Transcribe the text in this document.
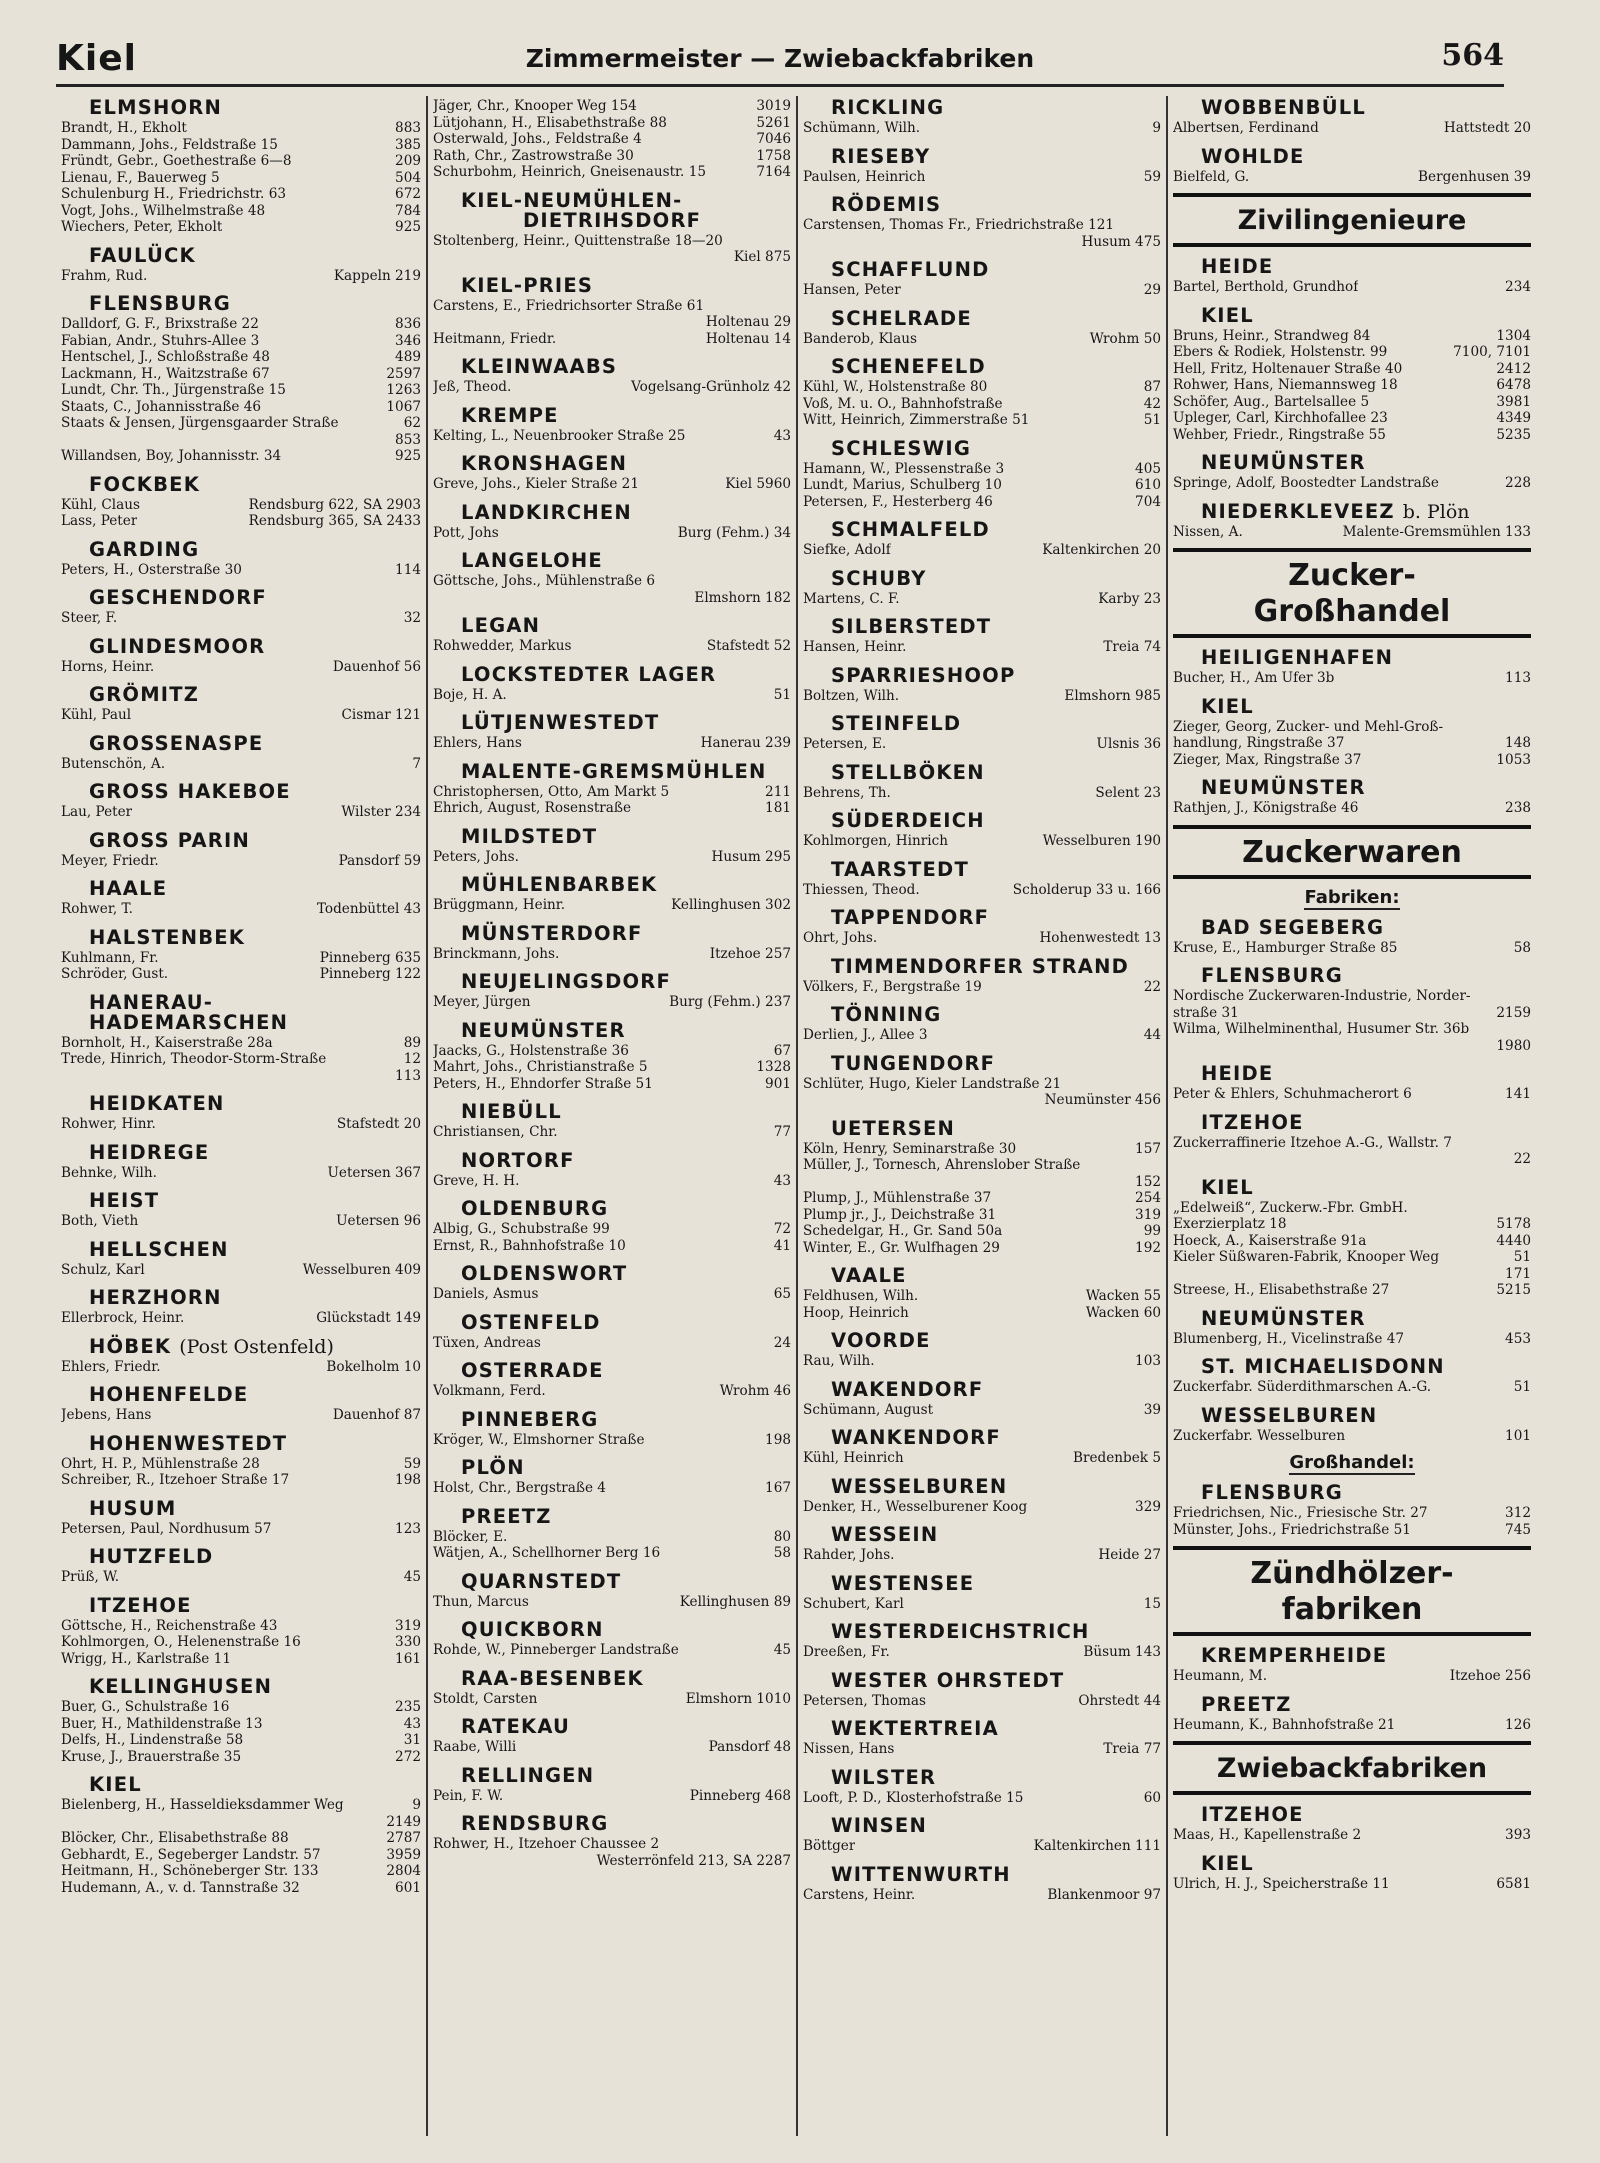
Kiel	Zimmermeister — Zwiebackfabriken	564
ELMSHORN
Brandt, H., Ekholt	883
Dammann, Johs., Feldstraße 15	385
Fründt, Gebr., Goethestraße 6—8	209
Lienau, F., Bauerweg 5	504
Schulenburg H., Friedrichstr. 63	672
Vogt, Johs., Wilhelmstraße 48	784
Wiechers, Peter, Ekholt	925
FAULÜCK
Frahm, Rud.	Kappeln 219
FLENSBURG
Dalldorf, G. F., Brixstraße 22	836
Fabian, Andr., Stuhrs-Allee 3	346
Hentschel, J., Schloßstraße 48	489
Lackmann, H., Waitzstraße 67	2597
Lundt, Chr. Th., Jürgenstraße 15	1263
Staats, C., Johannisstraße 46	1067
Staats & Jensen, Jürgensgaarder Straße	62
853
Willandsen, Boy, Johannisstr. 34	925
FOCKBEK
Kühl, Claus	Rendsburg 622, SA 2903
Lass, Peter	Rendsburg 365, SA 2433
GARDING
Peters, H., Osterstraße 30	114
GESCHENDORF
Steer, F.	32
GLINDESMOOR
Horns, Heinr.	Dauenhof 56
GRÖMITZ
Kühl, Paul	Cismar 121
GROSSENASPE
Butenschön, A.	7
GROSS HAKEBOE
Lau, Peter	Wilster 234
GROSS PARIN
Meyer, Friedr.	Pansdorf 59
HAALE
Rohwer, T.	Todenbüttel 43
HALSTENBEK
Kuhlmann, Fr.	Pinneberg 635
Schröder, Gust.	Pinneberg 122
HANERAU-
HADEMARSCHEN
Bornholt, H., Kaiserstraße 28a	89
Trede, Hinrich, Theodor-Storm-Straße	12
113
HEIDKATEN
Rohwer, Hinr.	Stafstedt 20
HEIDREGE
Behnke, Wilh.	Uetersen 367
HEIST
Both, Vieth	Uetersen 96
HELLSCHEN
Schulz, Karl	Wesselburen 409
HERZHORN
Ellerbrock, Heinr.	Glückstadt 149
HÖBEK (Post Ostenfeld)
Ehlers, Friedr.	Bokelholm 10
HOHENFELDE
Jebens, Hans	Dauenhof 87
HOHENWESTEDT
Ohrt, H. P., Mühlenstraße 28	59
Schreiber, R., Itzehoer Straße 17	198
HUSUM
Petersen, Paul, Nordhusum 57	123
HUTZFELD
Prüß, W.	45
ITZEHOE
Göttsche, H., Reichenstraße 43	319
Kohlmorgen, O., Helenenstraße 16	330
Wrigg, H., Karlstraße 11	161
KELLINGHUSEN
Buer, G., Schulstraße 16	235
Buer, H., Mathildenstraße 13	43
Delfs, H., Lindenstraße 58	31
Kruse, J., Brauerstraße 35	272
KIEL
Bielenberg, H., Hasseldieksdammer Weg	9
2149
Blöcker, Chr., Elisabethstraße 88	2787
Gebhardt, E., Segeberger Landstr. 57	3959
Heitmann, H., Schöneberger Str. 133	2804
Hudemann, A., v. d. Tannstraße 32	601
Jäger, Chr., Knooper Weg 154	3019
Lütjohann, H., Elisabethstraße 88	5261
Osterwald, Johs., Feldstraße 4	7046
Rath, Chr., Zastrowstraße 30	1758
Schurbohm, Heinrich, Gneisenaustr. 15	7164
KIEL-NEUMÜHLEN-
DIETRIHSDORF
Stoltenberg, Heinr., Quittenstraße 18—20
Kiel 875
KIEL-PRIES
Carstens, E., Friedrichsorter Straße 61
Holtenau 29
Heitmann, Friedr.	Holtenau 14
KLEINWAABS
Jeß, Theod.	Vogelsang-Grünholz 42
KREMPE
Kelting, L., Neuenbrooker Straße 25	43
KRONSHAGEN
Greve, Johs., Kieler Straße 21	Kiel 5960
LANDKIRCHEN
Pott, Johs	Burg (Fehm.) 34
LANGELOHE
Göttsche, Johs., Mühlenstraße 6
Elmshorn 182
LEGAN
Rohwedder, Markus	Stafstedt 52
LOCKSTEDTER LAGER
Boje, H. A.	51
LÜTJENWESTEDT
Ehlers, Hans	Hanerau 239
MALENTE-GREMSMÜHLEN
Christophersen, Otto, Am Markt 5	211
Ehrich, August, Rosenstraße	181
MILDSTEDT
Peters, Johs.	Husum 295
MÜHLENBARBEK
Brüggmann, Heinr.	Kellinghusen 302
MÜNSTERDORF
Brinckmann, Johs.	Itzehoe 257
NEUJELINGSDORF
Meyer, Jürgen	Burg (Fehm.) 237
NEUMÜNSTER
Jaacks, G., Holstenstraße 36	67
Mahrt, Johs., Christianstraße 5	1328
Peters, H., Ehndorfer Straße 51	901
NIEBÜLL
Christiansen, Chr.	77
NORTORF
Greve, H. H.	43
OLDENBURG
Albig, G., Schubstraße 99	72
Ernst, R., Bahnhofstraße 10	41
OLDENSWORT
Daniels, Asmus	65
OSTENFELD
Tüxen, Andreas	24
OSTERRADE
Volkmann, Ferd.	Wrohm 46
PINNEBERG
Kröger, W., Elmshorner Straße	198
PLÖN
Holst, Chr., Bergstraße 4	167
PREETZ
Blöcker, E.	80
Wätjen, A., Schellhorner Berg 16	58
QUARNSTEDT
Thun, Marcus	Kellinghusen 89
QUICKBORN
Rohde, W., Pinneberger Landstraße	45
RAA-BESENBEK
Stoldt, Carsten	Elmshorn 1010
RATEKAU
Raabe, Willi	Pansdorf 48
RELLINGEN
Pein, F. W.	Pinneberg 468
RENDSBURG
Rohwer, H., Itzehoer Chaussee 2
Westerrönfeld 213, SA 2287
RICKLING
Schümann, Wilh.	9
RIESEBY
Paulsen, Heinrich	59
RÖDEMIS
Carstensen, Thomas Fr., Friedrichstraße 121
Husum 475
SCHAFFLUND
Hansen, Peter	29
SCHELRADE
Banderob, Klaus	Wrohm 50
SCHENEFELD
Kühl, W., Holstenstraße 80	87
Voß, M. u. O., Bahnhofstraße	42
Witt, Heinrich, Zimmerstraße 51	51
SCHLESWIG
Hamann, W., Plessenstraße 3	405
Lundt, Marius, Schulberg 10	610
Petersen, F., Hesterberg 46	704
SCHMALFELD
Siefke, Adolf	Kaltenkirchen 20
SCHUBY
Martens, C. F.	Karby 23
SILBERSTEDT
Hansen, Heinr.	Treia 74
SPARRIESHOOP
Boltzen, Wilh.	Elmshorn 985
STEINFELD
Petersen, E.	Ulsnis 36
STELLBÖKEN
Behrens, Th.	Selent 23
SÜDERDEICH
Kohlmorgen, Hinrich	Wesselburen 190
TAARSTEDT
Thiessen, Theod.	Scholderup 33 u. 166
TAPPENDORF
Ohrt, Johs.	Hohenwestedt 13
TIMMENDORFER STRAND
Völkers, F., Bergstraße 19	22
TÖNNING
Derlien, J., Allee 3	44
TUNGENDORF
Schlüter, Hugo, Kieler Landstraße 21
Neumünster 456
UETERSEN
Köln, Henry, Seminarstraße 30	157
Müller, J., Tornesch, Ahrenslober Straße
152
Plump, J., Mühlenstraße 37	254
Plump jr., J., Deichstraße 31	319
Schedelgar, H., Gr. Sand 50a	99
Winter, E., Gr. Wulfhagen 29	192
VAALE
Feldhusen, Wilh.	Wacken 55
Hoop, Heinrich	Wacken 60
VOORDE
Rau, Wilh.	103
WAKENDORF
Schümann, August	39
WANKENDORF
Kühl, Heinrich	Bredenbek 5
WESSELBUREN
Denker, H., Wesselburener Koog	329
WESSEIN
Rahder, Johs.	Heide 27
WESTENSEE
Schubert, Karl	15
WESTERDEICHSTRICH
Dreeßen, Fr.	Büsum 143
WESTER OHRSTEDT
Petersen, Thomas	Ohrstedt 44
WEKTERTREIA
Nissen, Hans	Treia 77
WILSTER
Looft, P. D., Klosterhofstraße 15	60
WINSEN
Böttger	Kaltenkirchen 111
WITTENWURTH
Carstens, Heinr.	Blankenmoor 97
WOBBENBÜLL
Albertsen, Ferdinand	Hattstedt 20
WOHLDE
Bielfeld, G.	Bergenhusen 39
Zivilingenieure
HEIDE
Bartel, Berthold, Grundhof	234
KIEL
Bruns, Heinr., Strandweg 84	1304
Ebers & Rodiek, Holstenstr. 99	7100, 7101
Hell, Fritz, Holtenauer Straße 40	2412
Rohwer, Hans, Niemannsweg 18	6478
Schöfer, Aug., Bartelsallee 5	3981
Upleger, Carl, Kirchhofallee 23	4349
Wehber, Friedr., Ringstraße 55	5235
NEUMÜNSTER
Springe, Adolf, Boostedter Landstraße	228
NIEDERKLEVEEZ b. Plön
Nissen, A.	Malente-Gremsmühlen 133
Zucker-
Großhandel
HEILIGENHAFEN
Bucher, H., Am Ufer 3b	113
KIEL
Zieger, Georg, Zucker- und Mehl-Groß-
handlung, Ringstraße 37	148
Zieger, Max, Ringstraße 37	1053
NEUMÜNSTER
Rathjen, J., Königstraße 46	238
Zuckerwaren
Fabriken:
BAD SEGEBERG
Kruse, E., Hamburger Straße 85	58
FLENSBURG
Nordische Zuckerwaren-Industrie, Norder-
straße 31	2159
Wilma, Wilhelminenthal, Husumer Str. 36b
1980
HEIDE
Peter & Ehlers, Schuhmacherort 6	141
ITZEHOE
Zuckerraffinerie Itzehoe A.-G., Wallstr. 7
22
KIEL
„Edelweiß“, Zuckerw.-Fbr. GmbH.
Exerzierplatz 18	5178
Hoeck, A., Kaiserstraße 91a	4440
Kieler Süßwaren-Fabrik, Knooper Weg	51
171
Streese, H., Elisabethstraße 27	5215
NEUMÜNSTER
Blumenberg, H., Vicelinstraße 47	453
ST. MICHAELISDONN
Zuckerfabr. Süderdithmarschen A.-G.	51
WESSELBUREN
Zuckerfabr. Wesselburen	101
Großhandel:
FLENSBURG
Friedrichsen, Nic., Friesische Str. 27	312
Münster, Johs., Friedrichstraße 51	745
Zündhölzer-
fabriken
KREMPERHEIDE
Heumann, M.	Itzehoe 256
PREETZ
Heumann, K., Bahnhofstraße 21	126
Zwiebackfabriken
ITZEHOE
Maas, H., Kapellenstraße 2	393
KIEL
Ulrich, H. J., Speicherstraße 11	6581
